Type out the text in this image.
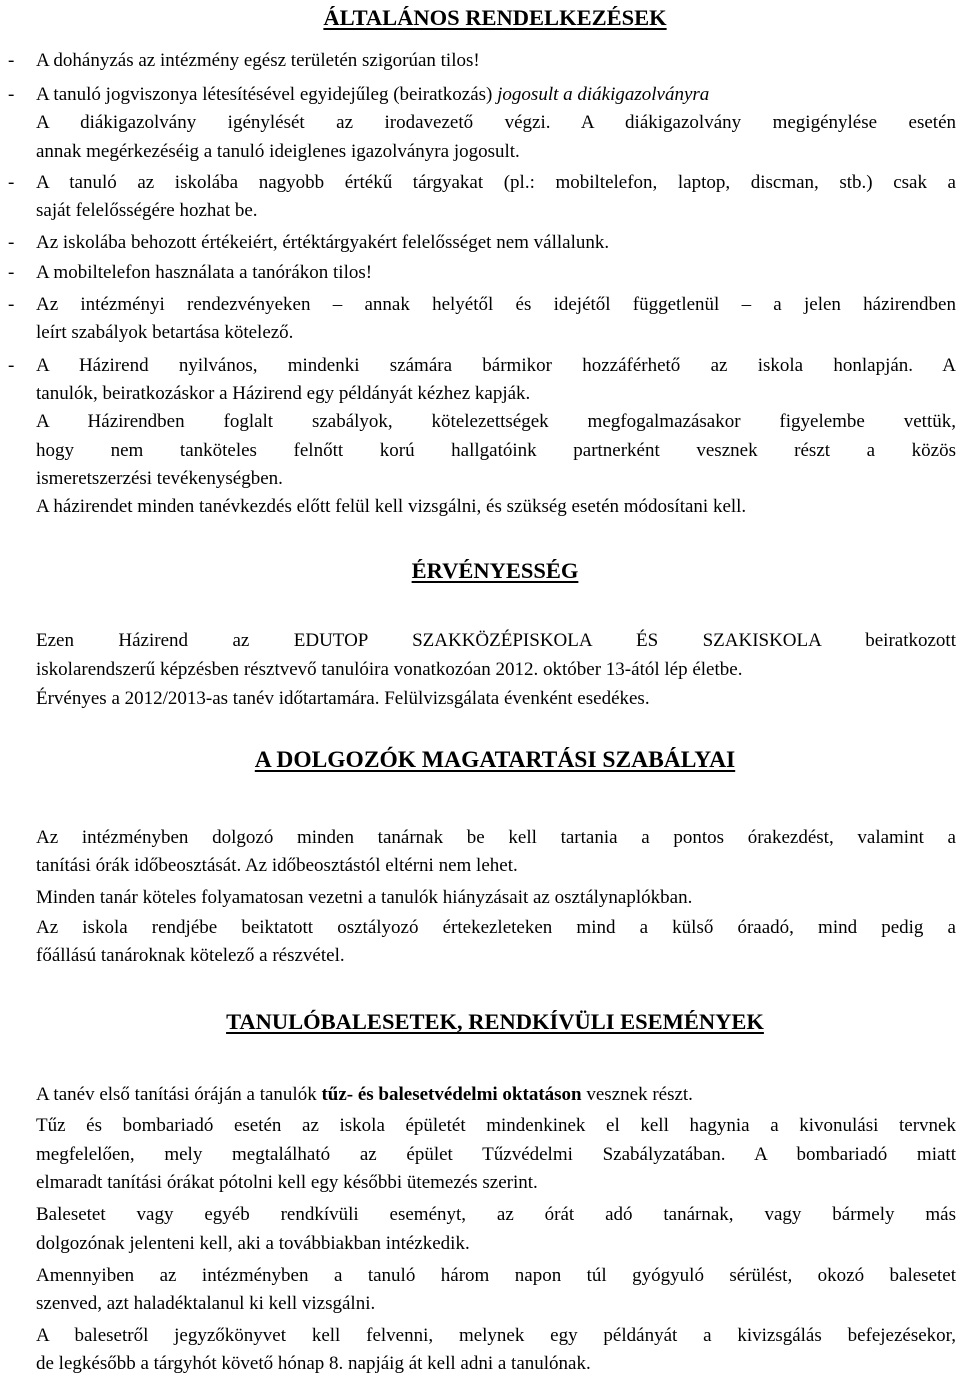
ÁLTALÁNOS RENDELKEZÉSEK
- A dohányzás az intézmény egész területén szigorúan tilos!
- A tanuló jogviszonya létesítésével egyidejűleg (beiratkozás) jogosult a diákigazolványra
A diákigazolvány igénylését az irodavezető végzi. A diákigazolvány megigénylése esetén
annak megérkezéséig a tanuló ideiglenes igazolványra jogosult.
- A tanuló az iskolába nagyobb értékű tárgyakat (pl.: mobiltelefon, laptop, discman, stb.) csak a
saját felelősségére hozhat be.
- Az iskolába behozott értékeiért, értéktárgyakért felelősséget nem vállalunk.
- A mobiltelefon használata a tanórákon tilos!
- Az intézményi rendezvényeken – annak helyétől és idejétől függetlenül – a jelen házirendben
leírt szabályok betartása kötelező.
- A Házirend nyilvános, mindenki számára bármikor hozzáférhető az iskola honlapján. A
tanulók, beiratkozáskor a Házirend egy példányát kézhez kapják.
A Házirendben foglalt szabályok, kötelezettségek megfogalmazásakor figyelembe vettük,
hogy nem tanköteles felnőtt korú hallgatóink partnerként vesznek részt a közös
ismeretszerzési tevékenységben.
A házirendet minden tanévkezdés előtt felül kell vizsgálni, és szükség esetén módosítani kell.
ÉRVÉNYESSÉG
Ezen Házirend az EDUTOP SZAKKÖZÉPISKOLA ÉS SZAKISKOLA beiratkozott
iskolarendszerű képzésben résztvevő tanulóira vonatkozóan 2012. október 13-ától lép életbe.
Érvényes a 2012/2013-as tanév időtartamára. Felülvizsgálata évenként esedékes.
A DOLGOZÓK MAGATARTÁSI SZABÁLYAI
Az intézményben dolgozó minden tanárnak be kell tartania a pontos órakezdést, valamint a
tanítási órák időbeosztását. Az időbeosztástól eltérni nem lehet.
Minden tanár köteles folyamatosan vezetni a tanulók hiányzásait az osztálynaplókban.
Az iskola rendjébe beiktatott osztályozó értekezleteken mind a külső óraadó, mind pedig a
főállású tanároknak kötelező a részvétel.
TANULÓBALESETEK, RENDKÍVÜLI ESEMÉNYEK
A tanév első tanítási óráján a tanulók tűz- és balesetvédelmi oktatáson vesznek részt.
Tűz és bombariadó esetén az iskola épületét mindenkinek el kell hagynia a kivonulási tervnek
megfelelően, mely megtalálható az épület Tűzvédelmi Szabályzatában. A bombariadó miatt
elmaradt tanítási órákat pótolni kell egy későbbi ütemezés szerint.
Balesetet vagy egyéb rendkívüli eseményt, az órát adó tanárnak, vagy bármely más
dolgozónak jelenteni kell, aki a továbbiakban intézkedik.
Amennyiben az intézményben a tanuló három napon túl gyógyuló sérülést, okozó balesetet
szenved, azt haladéktalanul ki kell vizsgálni.
A balesetről jegyzőkönyvet kell felvenni, melynek egy példányát a kivizsgálás befejezésekor,
de legkésőbb a tárgyhót követő hónap 8. napjáig át kell adni a tanulónak.
